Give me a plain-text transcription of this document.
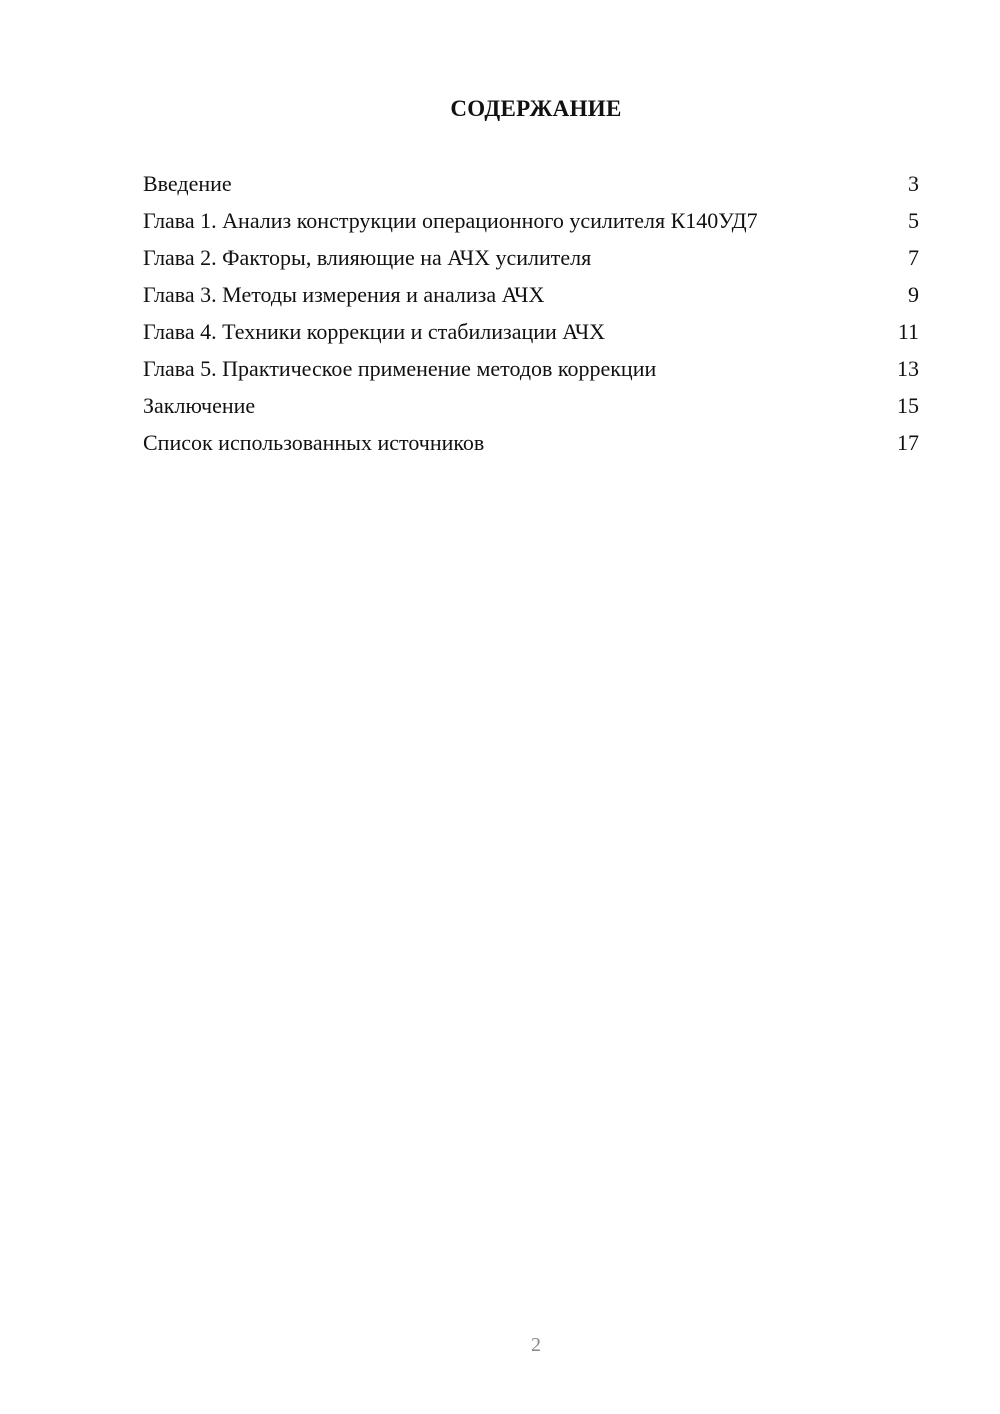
СОДЕРЖАНИЕ
Введение	3
Глава 1. Анализ конструкции операционного усилителя К140УД7	5
Глава 2. Факторы, влияющие на АЧХ усилителя	7
Глава 3. Методы измерения и анализа АЧХ	9
Глава 4. Техники коррекции и стабилизации АЧХ	11
Глава 5. Практическое применение методов коррекции	13
Заключение	15
Список использованных источников	17

2
